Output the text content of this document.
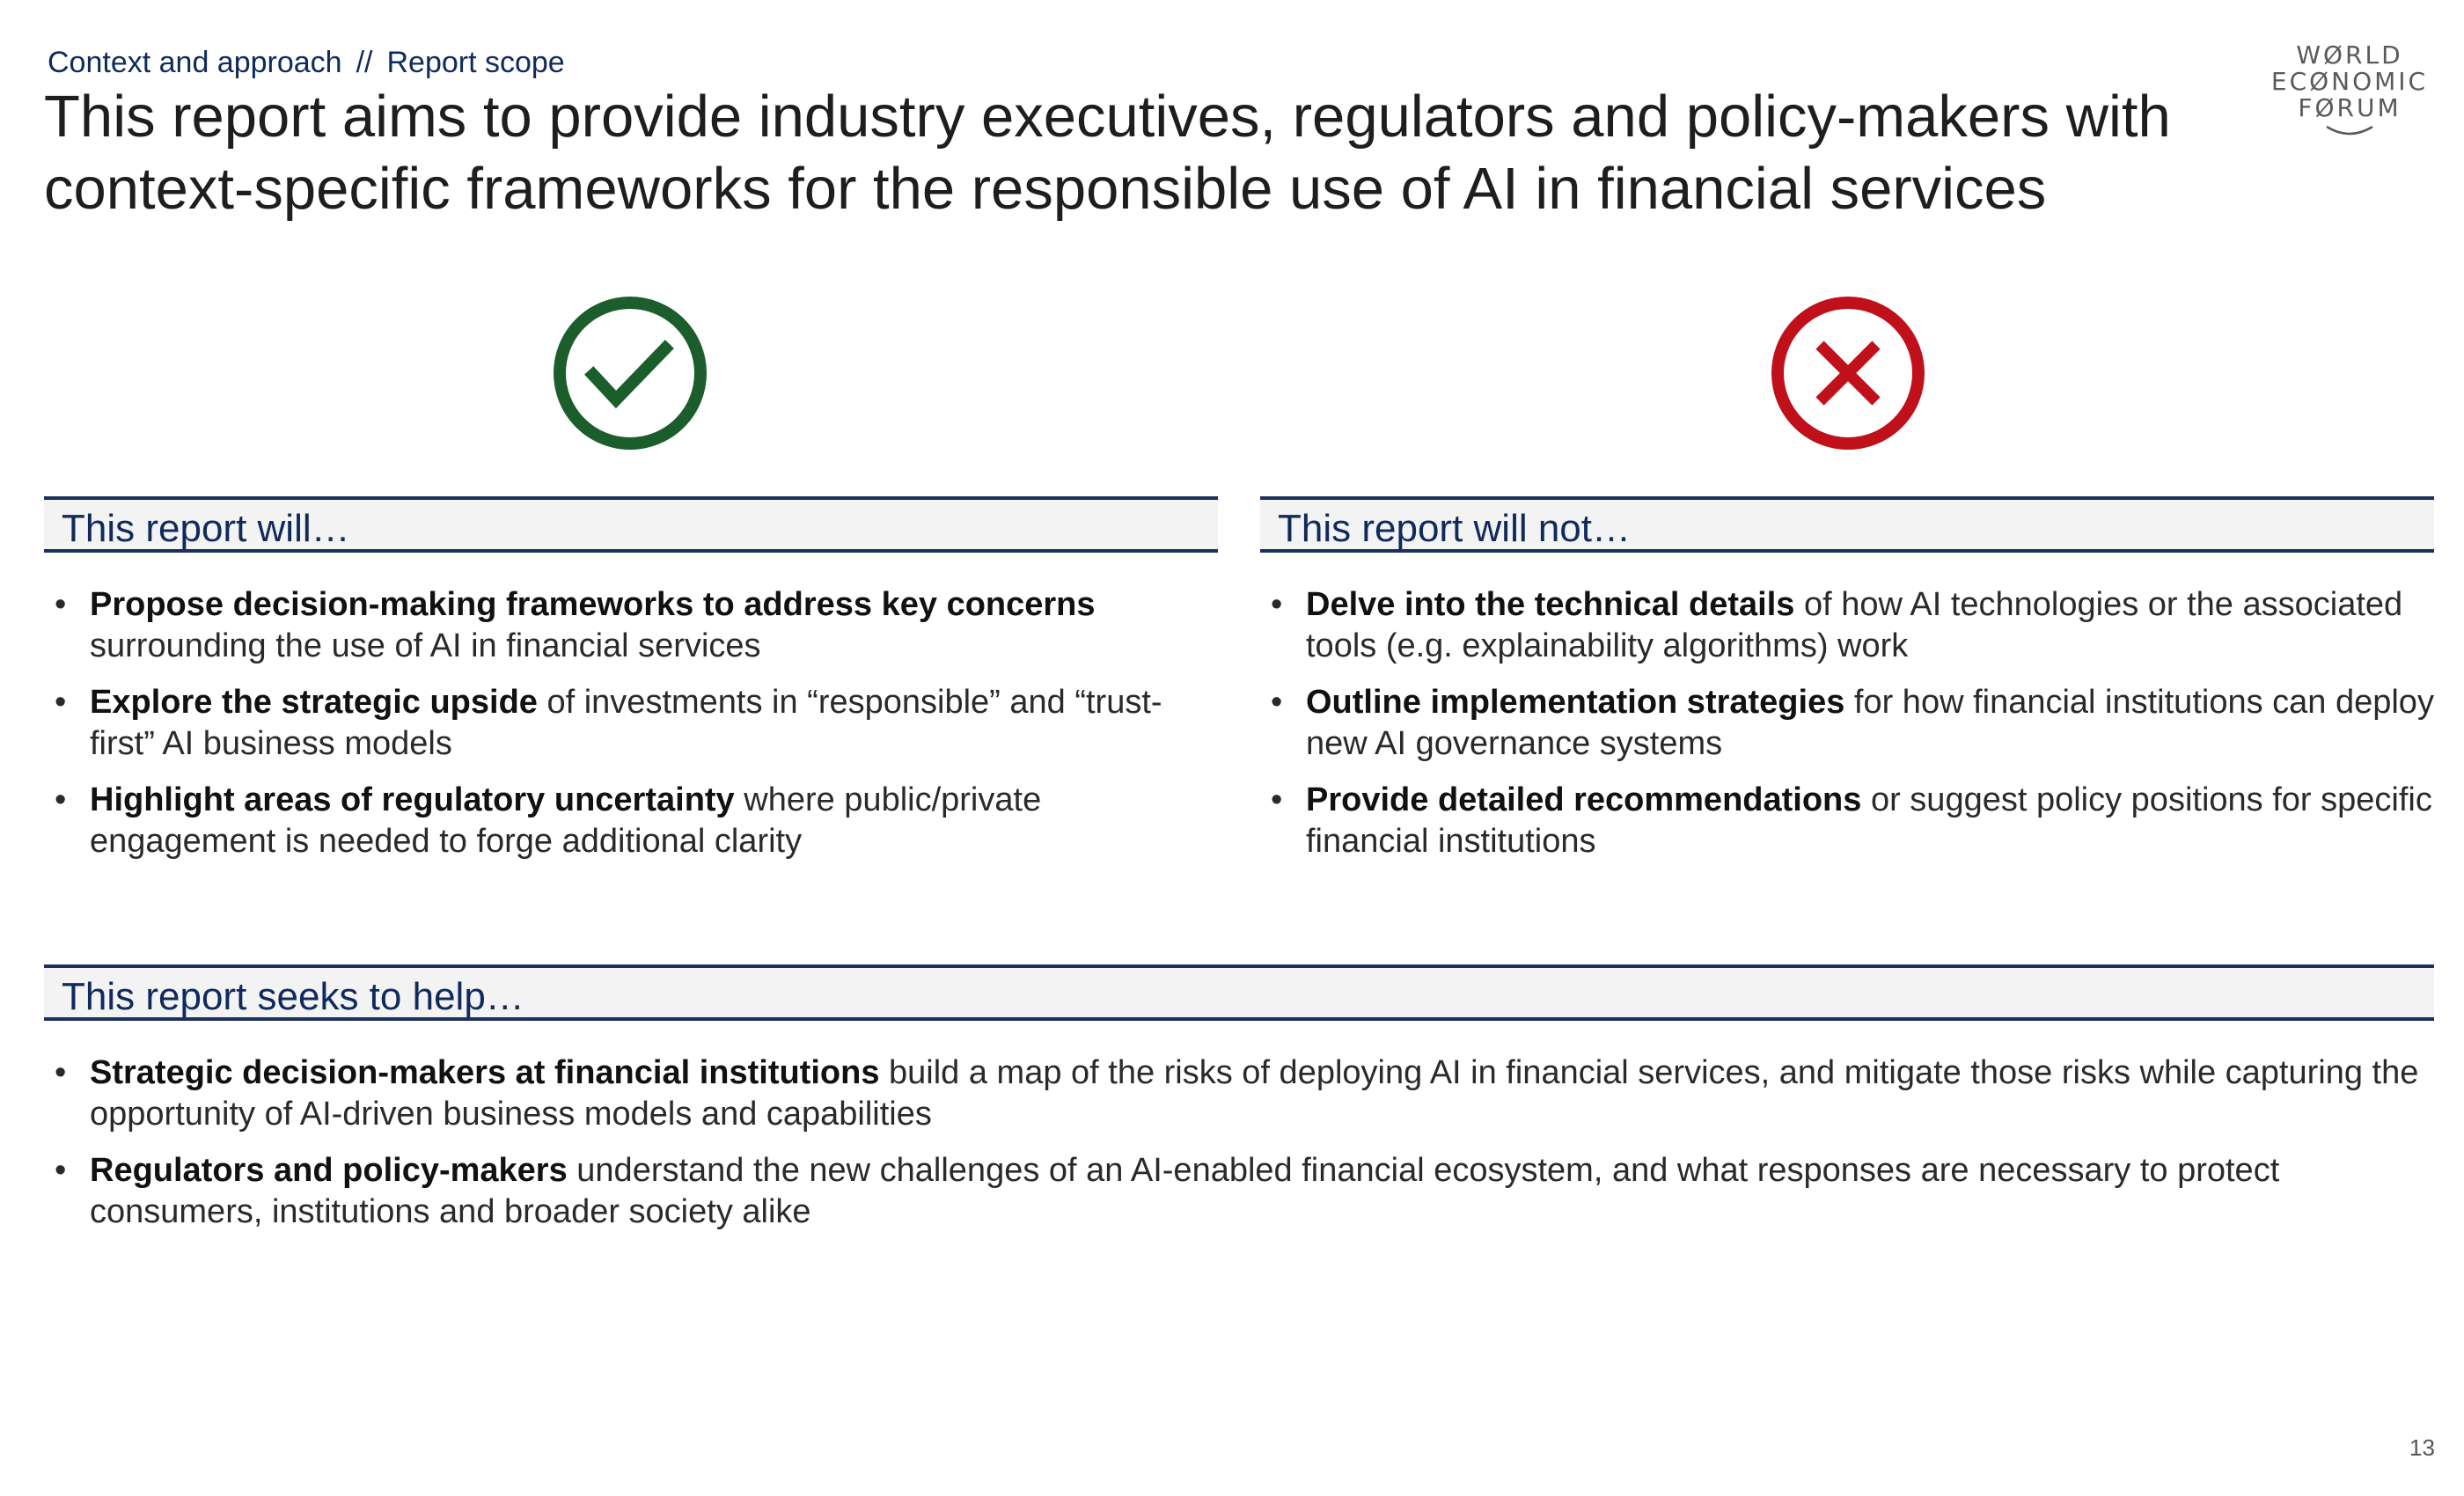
Context and approach // Report scope
This report aims to provide industry executives, regulators and policy-makers with context-specific frameworks for the responsible use of AI in financial services
WØRLD
ECØNOMIC
FØRUM
This report will…
• Propose decision-making frameworks to address key concerns
surrounding the use of AI in financial services
• Explore the strategic upside of investments in “responsible” and “trust-first” AI business models
• Highlight areas of regulatory uncertainty where public/private engagement is needed to forge additional clarity
This report will not…
• Delve into the technical details of how AI technologies or the associated tools (e.g. explainability algorithms) work
• Outline implementation strategies for how financial institutions can deploy new AI governance systems
• Provide detailed recommendations or suggest policy positions for specific financial institutions
This report seeks to help…
• Strategic decision-makers at financial institutions build a map of the risks of deploying AI in financial services, and mitigate those risks while capturing the opportunity of AI-driven business models and capabilities
• Regulators and policy-makers understand the new challenges of an AI-enabled financial ecosystem, and what responses are necessary to protect consumers, institutions and broader society alike
13
